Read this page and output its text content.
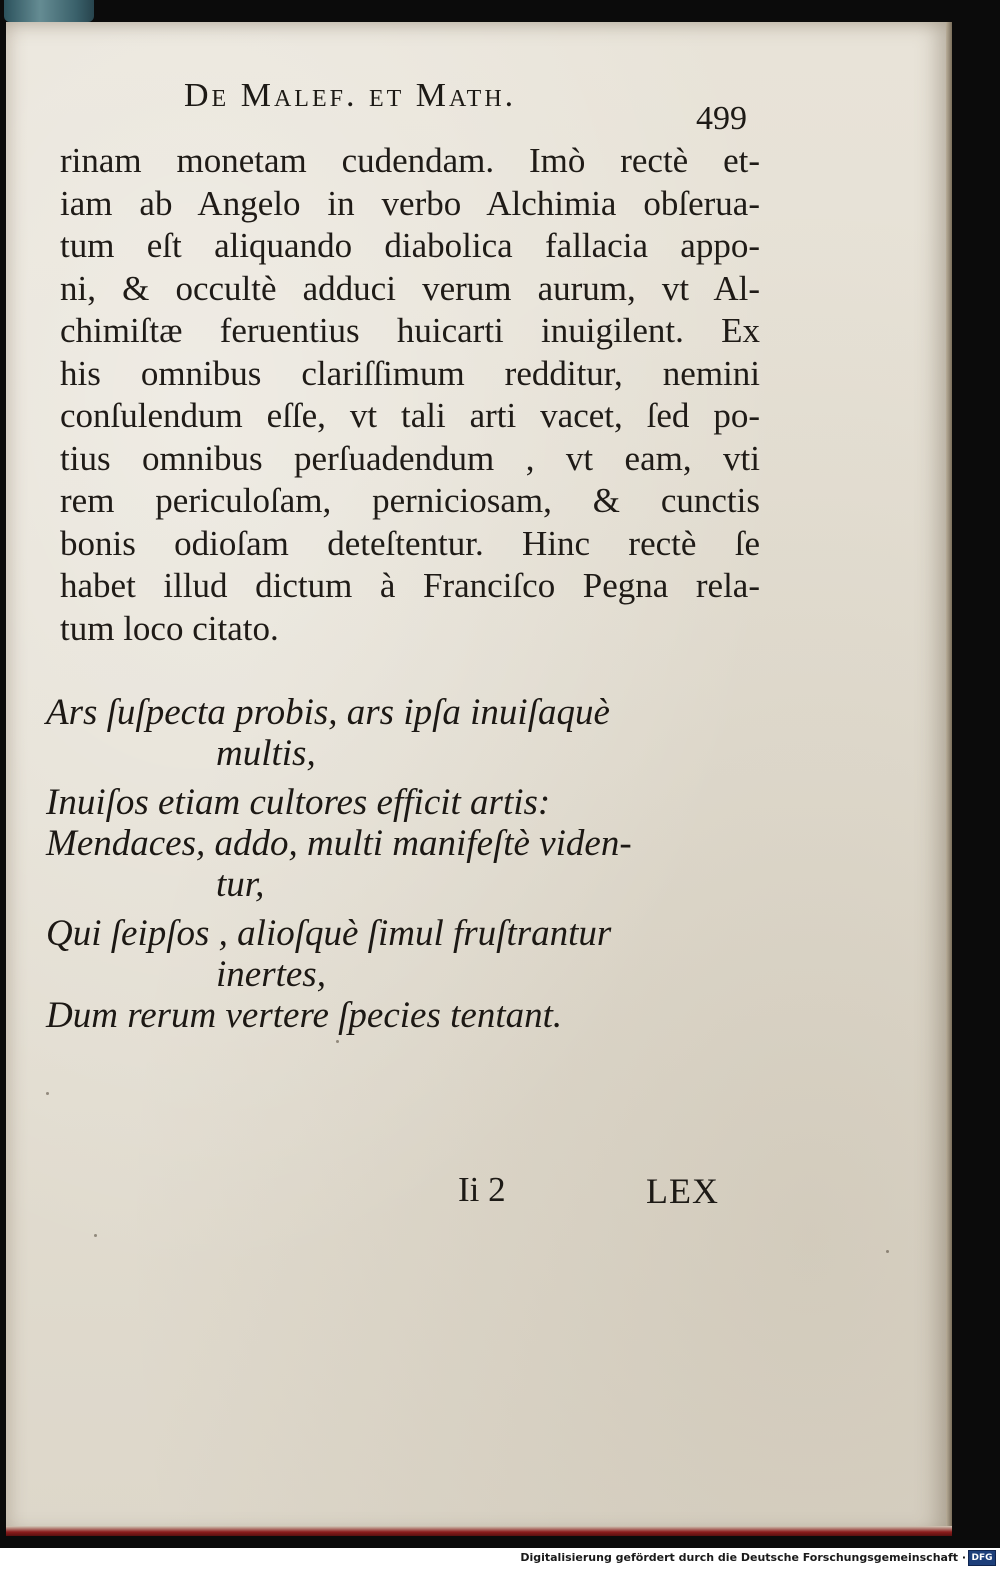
De Malef. et Math.
499
rinam monetam cudendam. Imò rectè et-
iam ab Angelo in verbo Alchimia obſerua-
tum eſt aliquando diabolica fallacia appo-
ni, & occultè adduci verum aurum, vt Al-
chimiſtæ feruentius huicarti inuigilent. Ex
his omnibus clariſſimum redditur, nemini
conſulendum eſſe, vt tali arti vacet, ſed po-
tius omnibus perſuadendum , vt eam, vti
rem periculoſam, perniciosam, & cunctis
bonis odioſam deteſtentur. Hinc rectè ſe
habet illud dictum à Franciſco Pegna rela-
tum loco citato.
Ars ſuſpecta probis, ars ipſa inuiſaquè
multis,
Inuiſos etiam cultores efficit artis:
Mendaces, addo, multi manifeſtè viden-
tur,
Qui ſeipſos , alioſquè ſimul fruſtrantur
inertes,
Dum rerum vertere ſpecies tentant.
Ii 2	LEX
Digitalisierung gefördert durch die Deutsche Forschungsgemeinschaft · DFG
